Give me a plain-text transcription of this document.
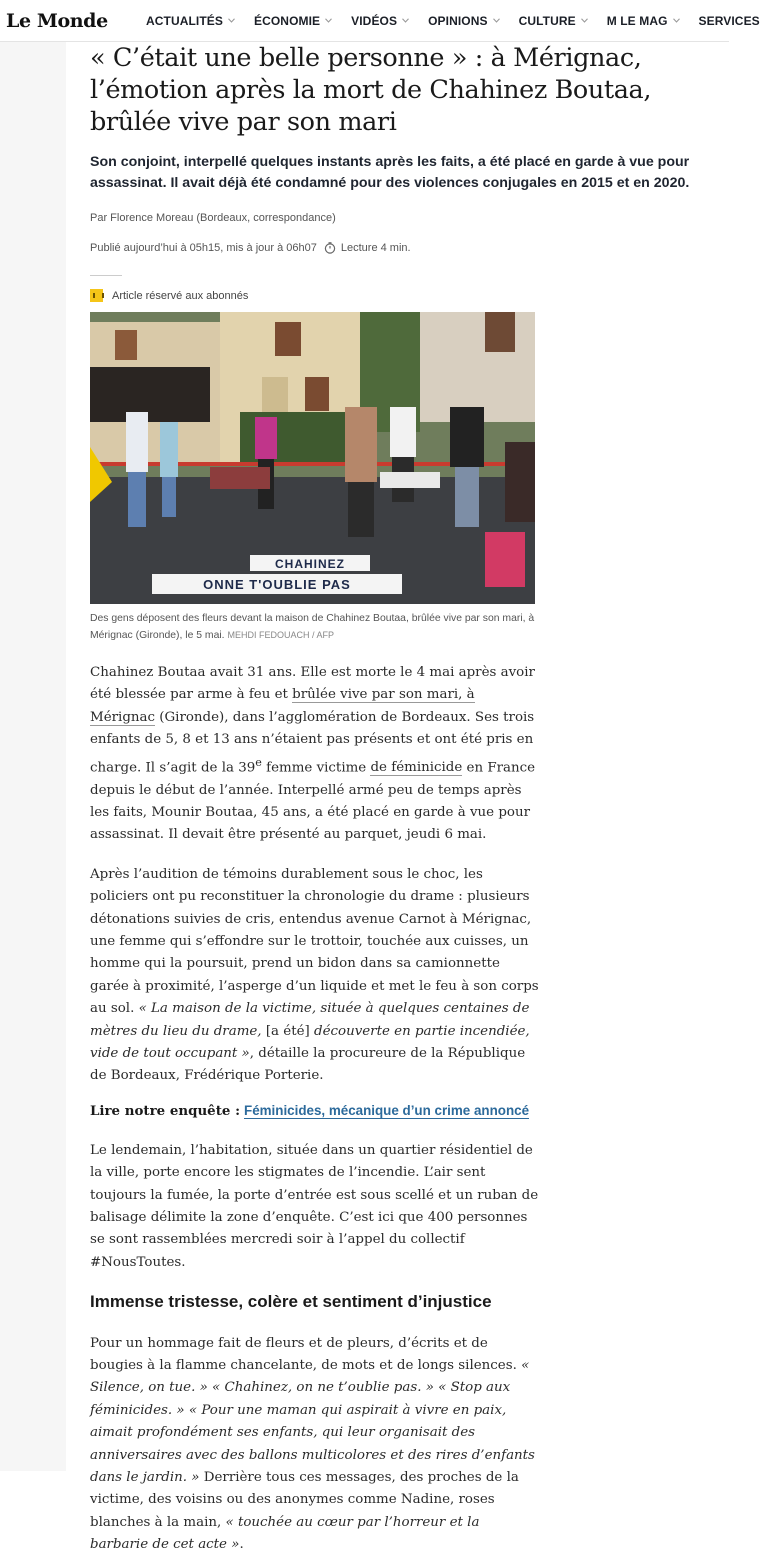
Le Monde	ACTUALITÉS	ÉCONOMIE	VIDÉOS	OPINIONS	CULTURE	M LE MAG	SERVICES
« C’était une belle personne » : à Mérignac, l’émotion après la mort de Chahinez Boutaa, brûlée vive par son mari

Son conjoint, interpellé quelques instants après les faits, a été placé en garde à vue pour assassinat. Il avait déjà été condamné pour des violences conjugales en 2015 et en 2020.

Par Florence Moreau (Bordeaux, correspondance)

Publié aujourd’hui à 05h15, mis à jour à 06h07 Lecture 4 min.
Article réservé aux abonnés
CHAHINEZ
ONNE T'OUBLIE PAS

Des gens déposent des fleurs devant la maison de Chahinez Boutaa, brûlée vive par son mari, à Mérignac (Gironde), le 5 mai. MEHDI FEDOUACH / AFP

Chahinez Boutaa avait 31 ans. Elle est morte le 4 mai après avoir été blessée par arme à feu et brûlée vive par son mari, à Mérignac (Gironde), dans l’agglomération de Bordeaux. Ses trois enfants de 5, 8 et 13 ans n’étaient pas présents et ont été pris en charge. Il s’agit de la 39e femme victime de féminicide en France depuis le début de l’année. Interpellé armé peu de temps après les faits, Mounir Boutaa, 45 ans, a été placé en garde à vue pour assassinat. Il devait être présenté au parquet, jeudi 6 mai.

Après l’audition de témoins durablement sous le choc, les policiers ont pu reconstituer la chronologie du drame : plusieurs détonations suivies de cris, entendus avenue Carnot à Mérignac, une femme qui s’effondre sur le trottoir, touchée aux cuisses, un homme qui la poursuit, prend un bidon dans sa camionnette garée à proximité, l’asperge d’un liquide et met le feu à son corps au sol. « La maison de la victime, située à quelques centaines de mètres du lieu du drame, [a été] découverte en partie incendiée, vide de tout occupant », détaille la procureure de la République de Bordeaux, Frédérique Porterie.

Lire notre enquête : Féminicides, mécanique d’un crime annoncé

Le lendemain, l’habitation, située dans un quartier résidentiel de la ville, porte encore les stigmates de l’incendie. L’air sent toujours la fumée, la porte d’entrée est sous scellé et un ruban de balisage délimite la zone d’enquête. C’est ici que 400 personnes se sont rassemblées mercredi soir à l’appel du collectif #NousToutes.

Immense tristesse, colère et sentiment d’injustice

Pour un hommage fait de fleurs et de pleurs, d’écrits et de bougies à la flamme chancelante, de mots et de longs silences. « Silence, on tue. » « Chahinez, on ne t’oublie pas. » « Stop aux féminicides. » « Pour une maman qui aspirait à vivre en paix, aimait profondément ses enfants, qui leur organisait des anniversaires avec des ballons multicolores et des rires d’enfants dans le jardin. » Derrière tous ces messages, des proches de la victime, des voisins ou des anonymes comme Nadine, roses blanches à la main, « touchée au cœur par l’horreur et la barbarie de cet acte ».
